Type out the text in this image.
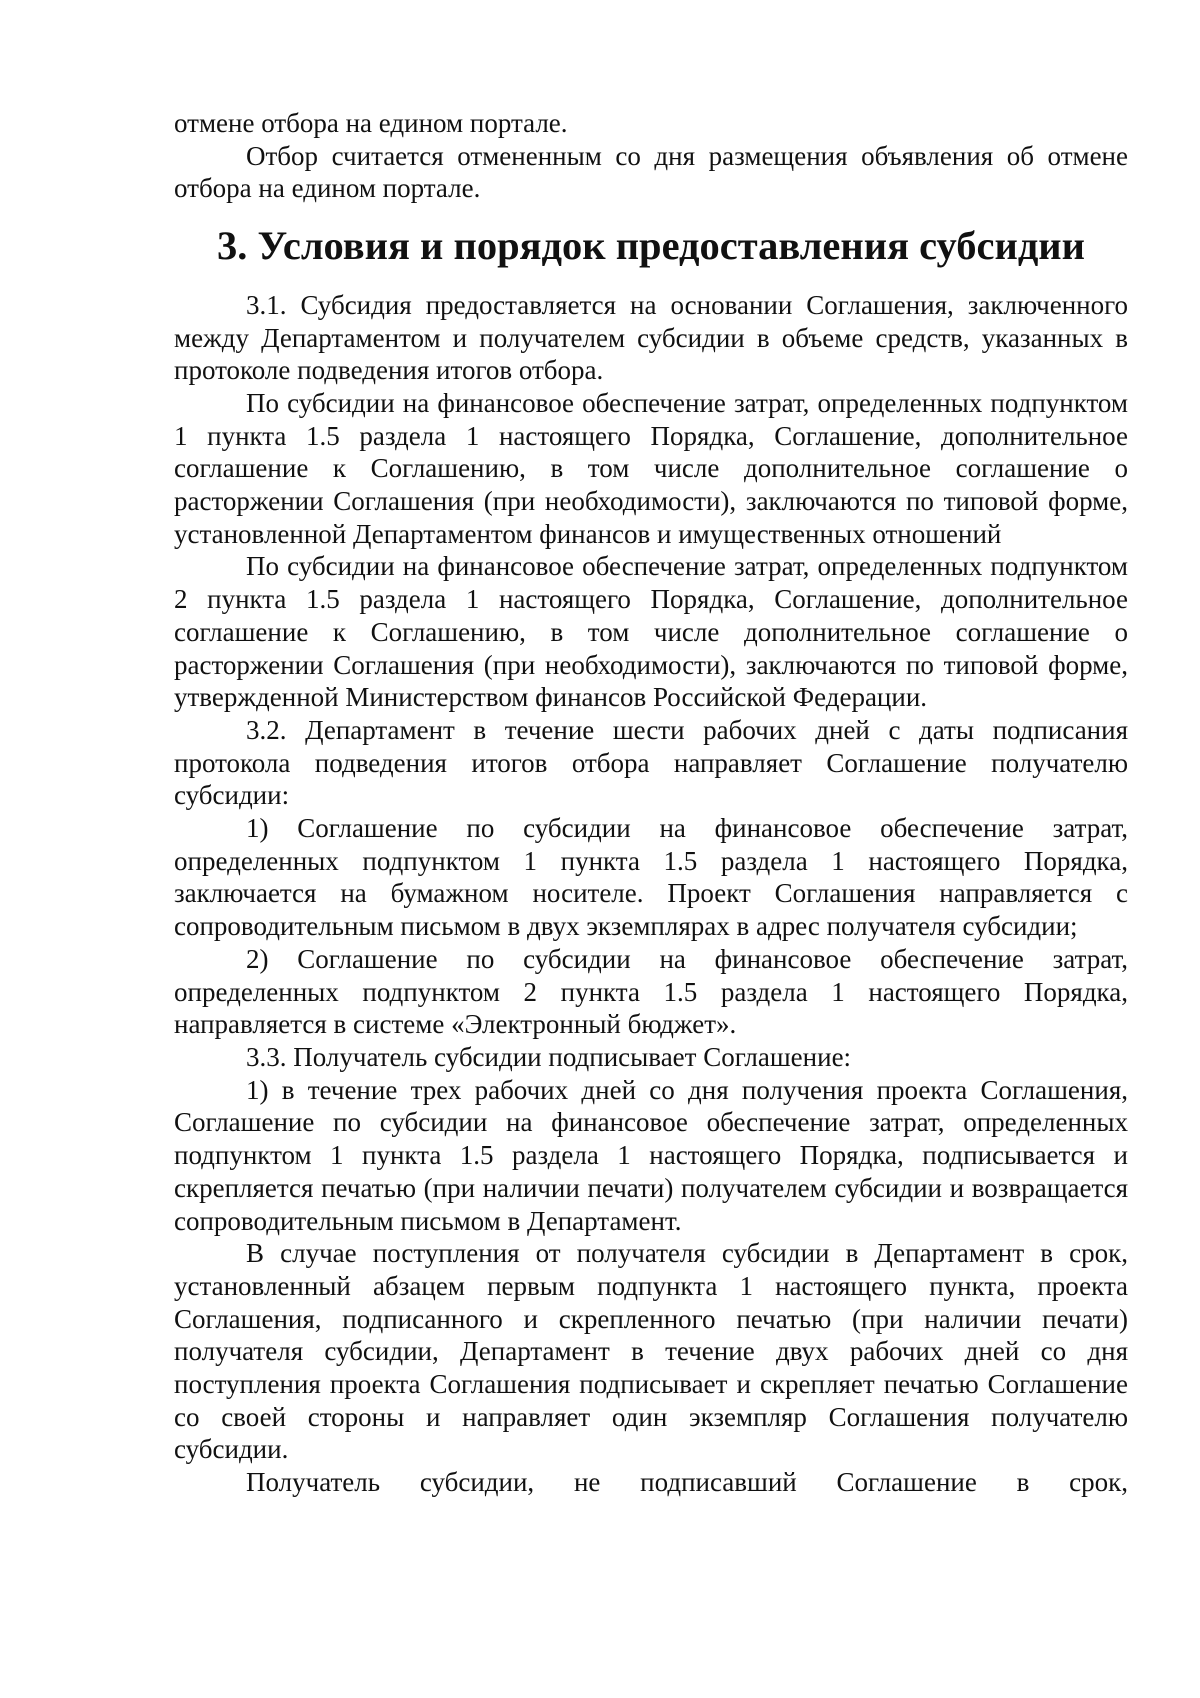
отмене отбора на едином портале.

Отбор считается отмененным со дня размещения объявления об отмене отбора на едином портале.

3. Условия и порядок предоставления субсидии

3.1. Субсидия предоставляется на основании Соглашения, заключенного между Департаментом и получателем субсидии в объеме средств, указанных в протоколе подведения итогов отбора.

По субсидии на финансовое обеспечение затрат, определенных подпунктом 1 пункта 1.5 раздела 1 настоящего Порядка, Соглашение, дополнительное соглашение к Соглашению, в том числе дополнительное соглашение о расторжении Соглашения (при необходимости), заключаются по типовой форме, установленной Департаментом финансов и имущественных отношений

По субсидии на финансовое обеспечение затрат, определенных подпунктом 2 пункта 1.5 раздела 1 настоящего Порядка, Соглашение, дополнительное соглашение к Соглашению, в том числе дополнительное соглашение о расторжении Соглашения (при необходимости), заключаются по типовой форме, утвержденной Министерством финансов Российской Федерации.

3.2. Департамент в течение шести рабочих дней с даты подписания протокола подведения итогов отбора направляет Соглашение получателю субсидии:

1) Соглашение по субсидии на финансовое обеспечение затрат, определенных подпунктом 1 пункта 1.5 раздела 1 настоящего Порядка, заключается на бумажном носителе. Проект Соглашения направляется с сопроводительным письмом в двух экземплярах в адрес получателя субсидии;

2) Соглашение по субсидии на финансовое обеспечение затрат, определенных подпунктом 2 пункта 1.5 раздела 1 настоящего Порядка, направляется в системе «Электронный бюджет».

3.3. Получатель субсидии подписывает Соглашение:

1) в течение трех рабочих дней со дня получения проекта Соглашения, Соглашение по субсидии на финансовое обеспечение затрат, определенных подпунктом 1 пункта 1.5 раздела 1 настоящего Порядка, подписывается и скрепляется печатью (при наличии печати) получателем субсидии и возвращается сопроводительным письмом в Департамент.

В случае поступления от получателя субсидии в Департамент в срок, установленный абзацем первым подпункта 1 настоящего пункта, проекта Соглашения, подписанного и скрепленного печатью (при наличии печати) получателя субсидии, Департамент в течение двух рабочих дней со дня поступления проекта Соглашения подписывает и скрепляет печатью Соглашение со своей стороны и направляет один экземпляр Соглашения получателю субсидии.

Получатель субсидии, не подписавший Соглашение в срок,
